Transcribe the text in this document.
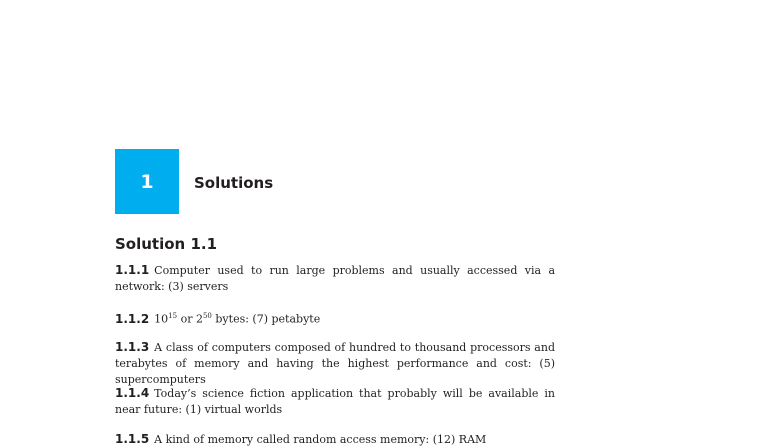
1	Solutions
Solution 1.1
1.1.1 Computer used to run large problems and usually accessed via a network: (3) servers
1.1.2 $10^{15}$ or $2^{50}$ bytes: (7) petabyte
1.1.3 A class of computers composed of hundred to thousand processors and terabytes of memory and having the highest performance and cost: (5) supercomputers
1.1.4 Today’s science fiction application that probably will be available in near future: (1) virtual worlds
1.1.5 A kind of memory called random access memory: (12) RAM
